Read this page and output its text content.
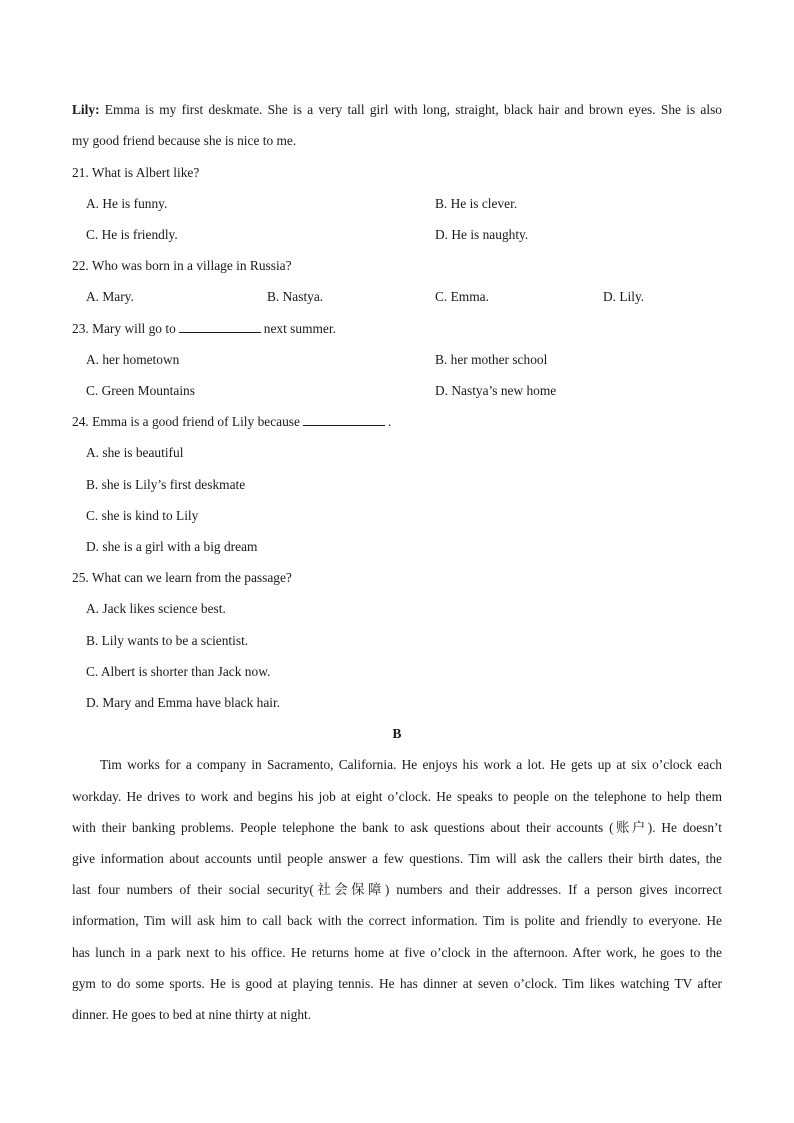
Lily: Emma is my first deskmate. She is a very tall girl with long, straight, black hair and brown eyes. She is also
my good friend because she is nice to me.
21. What is Albert like?
A. He is funny.	B. He is clever.
C. He is friendly.	D. He is naughty.
22. Who was born in a village in Russia?
A. Mary.	B. Nastya.	C. Emma.	D. Lily.
23. Mary will go to	next summer.
A. her hometown	B. her mother school
C. Green Mountains	D. Nastya’s new home
24. Emma is a good friend of Lily because	.
A. she is beautiful
B. she is Lily’s first deskmate
C. she is kind to Lily
D. she is a girl with a big dream
25. What can we learn from the passage?
A. Jack likes science best.
B. Lily wants to be a scientist.
C. Albert is shorter than Jack now.
D. Mary and Emma have black hair.
B
Tim works for a company in Sacramento, California. He enjoys his work a lot. He gets up at six o’clock each
workday. He drives to work and begins his job at eight o’clock. He speaks to people on the telephone to help them
with their banking problems. People telephone the bank to ask questions about their accounts (账户). He doesn’t
give information about accounts until people answer a few questions. Tim will ask the callers their birth dates, the
last four numbers of their social security(社会保障) numbers and their addresses. If a person gives incorrect
information, Tim will ask him to call back with the correct information. Tim is polite and friendly to everyone. He
has lunch in a park next to his office. He returns home at five o’clock in the afternoon. After work, he goes to the
gym to do some sports. He is good at playing tennis. He has dinner at seven o’clock. Tim likes watching TV after
dinner. He goes to bed at nine thirty at night.
